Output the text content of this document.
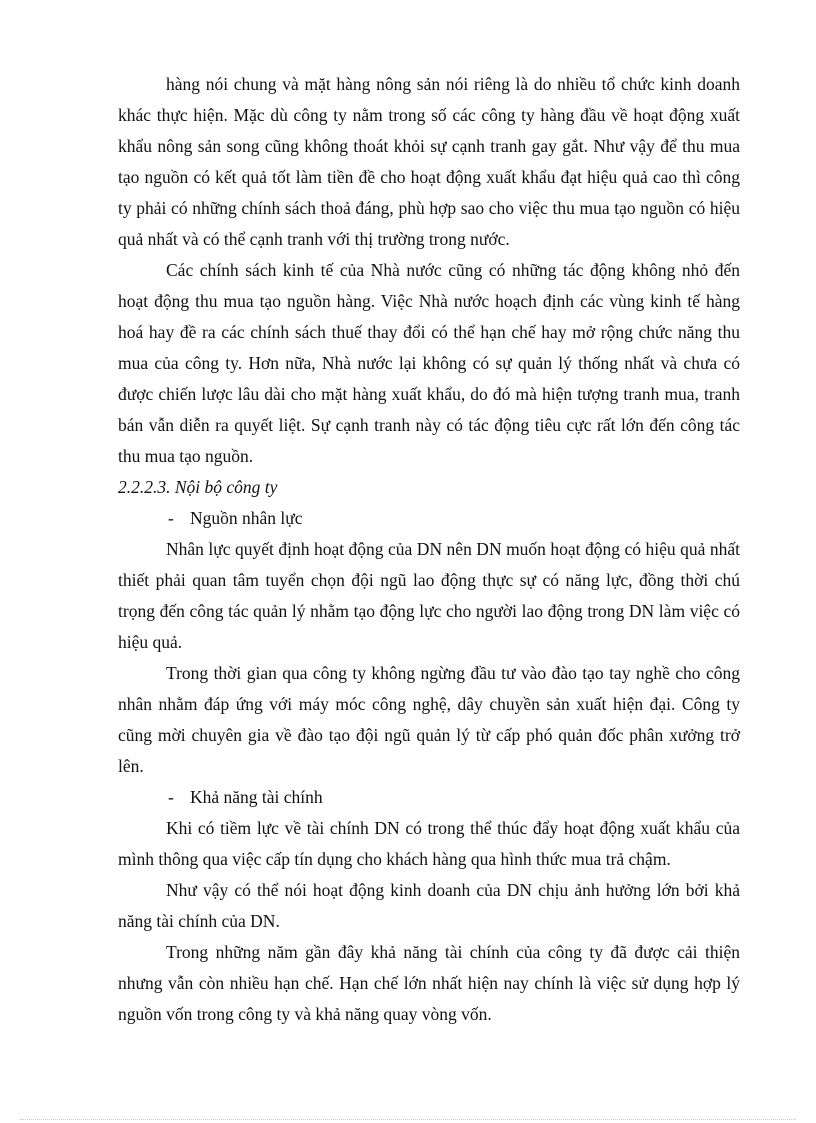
hàng nói chung và mặt hàng nông sản nói riêng là do nhiều tổ chức kinh doanh khác thực hiện. Mặc dù công ty nằm trong số các công ty hàng đầu về hoạt động xuất khẩu nông sản song cũng không thoát khỏi sự cạnh tranh gay gắt. Như vậy để thu mua tạo nguồn có kết quả tốt làm tiền đề cho hoạt động xuất khẩu đạt hiệu quả cao thì công ty phải có những chính sách thoả đáng, phù hợp sao cho việc thu mua tạo nguồn có hiệu quả nhất và có thể cạnh tranh với thị trường trong nước.

Các chính sách kinh tế của Nhà nước cũng có những tác động không nhỏ đến hoạt động thu mua tạo nguồn hàng. Việc Nhà nước hoạch định các vùng kinh tế hàng hoá hay đề ra các chính sách thuế thay đổi có thể hạn chế hay mở rộng chức năng thu mua của công ty. Hơn nữa, Nhà nước lại không có sự quản lý thống nhất và chưa có được chiến lược lâu dài cho mặt hàng xuất khẩu, do đó mà hiện tượng tranh mua, tranh bán vẫn diễn ra quyết liệt. Sự cạnh tranh này có tác động tiêu cực rất lớn đến công tác thu mua tạo nguồn.

2.2.2.3. Nội bộ công ty

- Nguồn nhân lực

Nhân lực quyết định hoạt động của DN nên DN muốn hoạt động có hiệu quả nhất thiết phải quan tâm tuyển chọn đội ngũ lao động thực sự có năng lực, đồng thời chú trọng đến công tác quản lý nhằm tạo động lực cho người lao động trong DN làm việc có hiệu quả.

Trong thời gian qua công ty không ngừng đầu tư vào đào tạo tay nghề cho công nhân nhằm đáp ứng với máy móc công nghệ, dây chuyền sản xuất hiện đại. Công ty cũng mời chuyên gia về đào tạo đội ngũ quản lý từ cấp phó quản đốc phân xưởng trở lên.

- Khả năng tài chính

Khi có tiềm lực về tài chính DN có trong thể thúc đẩy hoạt động xuất khẩu của mình thông qua việc cấp tín dụng cho khách hàng qua hình thức mua trả chậm.

Như vậy có thể nói hoạt động kinh doanh của DN chịu ảnh hưởng lớn bởi khả năng tài chính của DN.

Trong những năm gần đây khả năng tài chính của công ty đã được cải thiện nhưng vẫn còn nhiều hạn chế. Hạn chế lớn nhất hiện nay chính là việc sử dụng hợp lý nguồn vốn trong công ty và khả năng quay vòng vốn.
